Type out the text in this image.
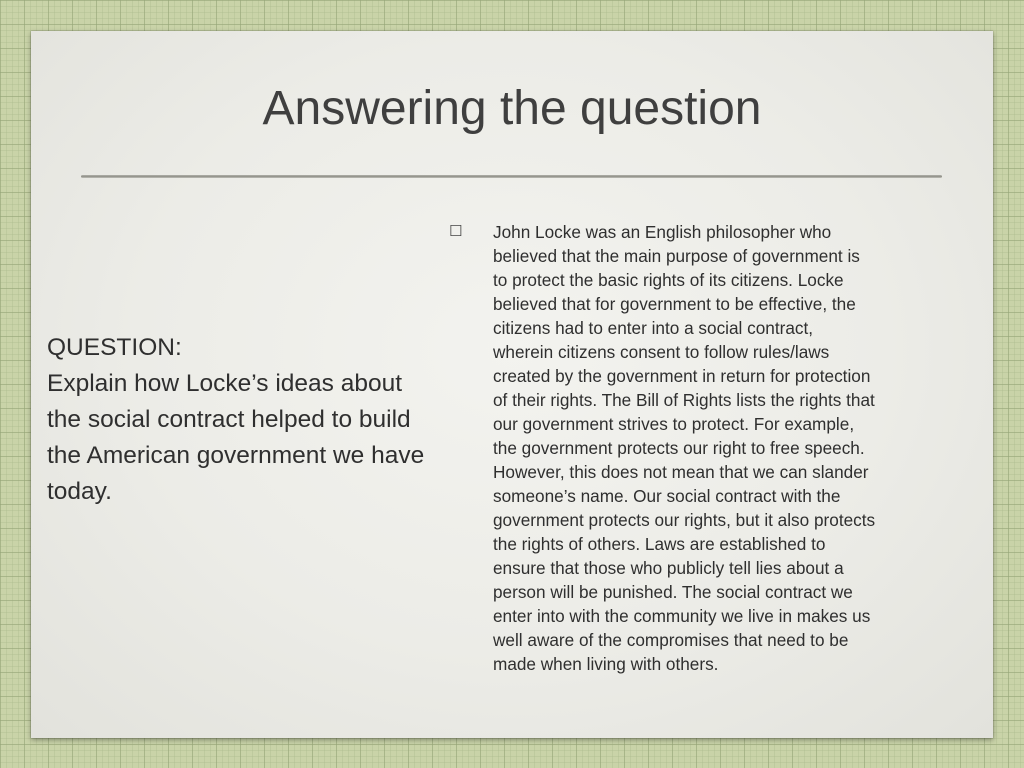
Answering the question
QUESTION:
Explain how Locke’s ideas about the social contract helped to build the American government we have today.
☐ John Locke was an English philosopher who
believed that the main purpose of government is
to protect the basic rights of its citizens. Locke
believed that for government to be effective, the
citizens had to enter into a social contract,
wherein citizens consent to follow rules/laws
created by the government in return for protection
of their rights. The Bill of Rights lists the rights that
our government strives to protect. For example,
the government protects our right to free speech.
However, this does not mean that we can slander
someone’s name. Our social contract with the
government protects our rights, but it also protects
the rights of others. Laws are established to
ensure that those who publicly tell lies about a
person will be punished. The social contract we
enter into with the community we live in makes us
well aware of the compromises that need to be
made when living with others.
